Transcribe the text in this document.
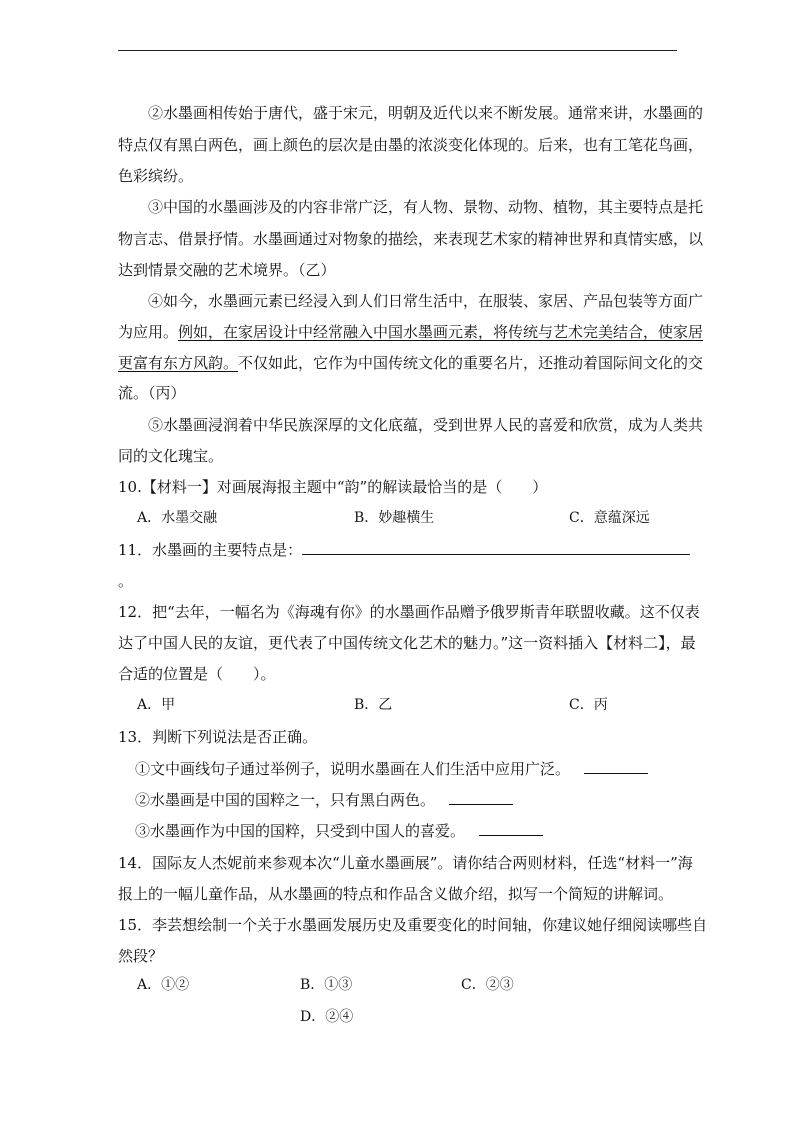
②水墨画相传始于唐代，盛于宋元，明朝及近代以来不断发展。通常来讲，水墨画的
特点仅有黑白两色，画上颜色的层次是由墨的浓淡变化体现的。后来，也有工笔花鸟画，
色彩缤纷。
③中国的水墨画涉及的内容非常广泛，有人物、景物、动物、植物，其主要特点是托
物言志、借景抒情。水墨画通过对物象的描绘，来表现艺术家的精神世界和真情实感，以
达到情景交融的艺术境界。（乙）
④如今，水墨画元素已经浸入到人们日常生活中，在服装、家居、产品包装等方面广
为应用。例如，在家居设计中经常融入中国水墨画元素，将传统与艺术完美结合，使家居
更富有东方风韵。不仅如此，它作为中国传统文化的重要名片，还推动着国际间文化的交
流。（丙）
⑤水墨画浸润着中华民族深厚的文化底蕴，受到世界人民的喜爱和欣赏，成为人类共
同的文化瑰宝。
10.【材料一】对画展海报主题中“韵”的解读最恰当的是（　　）
A．水墨交融	B．妙趣横生	C．意蕴深远
11．水墨画的主要特点是：
。
12．把“去年，一幅名为《海魂有你》的水墨画作品赠予俄罗斯青年联盟收藏。这不仅表
达了中国人民的友谊，更代表了中国传统文化艺术的魅力。”这一资料插入【材料二】，最
合适的位置是（　　）。
A．甲	B．乙	C．丙
13．判断下列说法是否正确。
①文中画线句子通过举例子，说明水墨画在人们生活中应用广泛。
②水墨画是中国的国粹之一，只有黑白两色。
③水墨画作为中国的国粹，只受到中国人的喜爱。
14．国际友人杰妮前来参观本次“儿童水墨画展”。请你结合两则材料，任选“材料一”海
报上的一幅儿童作品，从水墨画的特点和作品含义做介绍，拟写一个简短的讲解词。
15．李芸想绘制一个关于水墨画发展历史及重要变化的时间轴，你建议她仔细阅读哪些自
然段？
A．①②	B．①③	C．②③
D．②④
